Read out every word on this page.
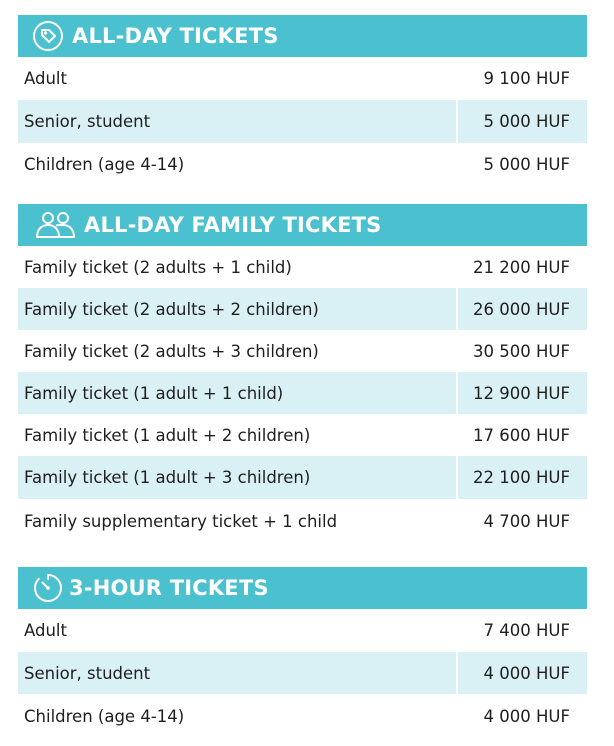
ALL-DAY TICKETS
Adult	9 100 HUF
Senior, student	5 000 HUF
Children (age 4-14)	5 000 HUF
ALL-DAY FAMILY TICKETS
Family ticket (2 adults + 1 child)	21 200 HUF
Family ticket (2 adults + 2 children)	26 000 HUF
Family ticket (2 adults + 3 children)	30 500 HUF
Family ticket (1 adult + 1 child)	12 900 HUF
Family ticket (1 adult + 2 children)	17 600 HUF
Family ticket (1 adult + 3 children)	22 100 HUF
Family supplementary ticket + 1 child	4 700 HUF
3-HOUR TICKETS
Adult	7 400 HUF
Senior, student	4 000 HUF
Children (age 4-14)	4 000 HUF
